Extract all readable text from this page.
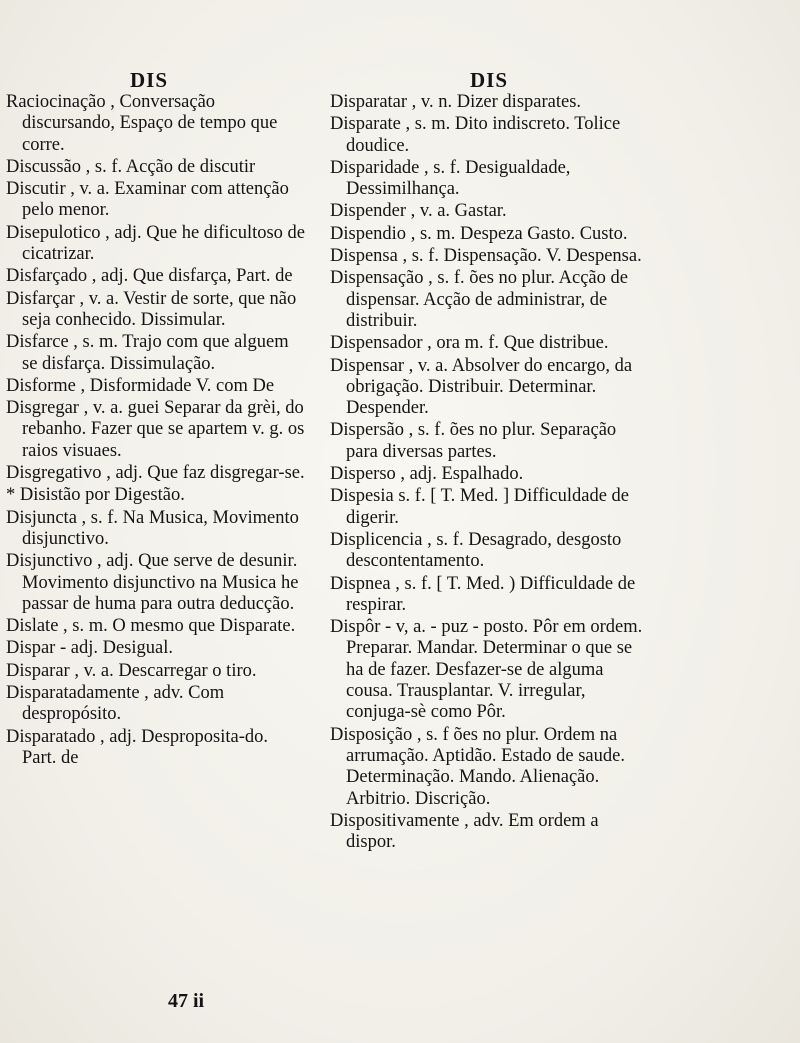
DIS	DIS
Raciocinação , Conversação discursando, Espaço de tempo que corre.
Discussão , s. f. Acção de discutir
Discutir , v. a. Examinar com attenção pelo menor.
Disepulotico , adj. Que he dificultoso de cicatrizar.
Disfarçado , adj. Que disfarça, Part. de
Disfarçar , v. a. Vestir de sorte, que não seja conhecido. Dissimular.
Disfarce , s. m. Trajo com que alguem se disfarça. Dissimulação.
Disforme , Disformidade V. com De
Disgregar , v. a. guei Separar da grèi, do rebanho. Fazer que se apartem v. g. os raios visuaes.
Disgregativo , adj. Que faz disgregar-se.
* Disistão por Digestão.
Disjuncta , s. f. Na Musica, Movimento disjunctivo.
Disjunctivo , adj. Que serve de desunir. Movimento disjunctivo na Musica he passar de huma para outra deducção.
Dislate , s. m. O mesmo que Disparate.
Dispar - adj. Desigual.
Disparar , v. a. Descarregar o tiro.
Disparatadamente , adv. Com despropósito.
Disparatado , adj. Desproposita-do. Part. de
Disparatar , v. n. Dizer disparates.
Disparate , s. m. Dito indiscreto. Tolice doudice.
Disparidade , s. f. Desigualdade, Dessimilhança.
Dispender , v. a. Gastar.
Dispendio , s. m. Despeza Gasto. Custo.
Dispensa , s. f. Dispensação. V. Despensa.
Dispensação , s. f. ões no plur. Acção de dispensar. Acção de administrar, de distribuir.
Dispensador , ora m. f. Que distribue.
Dispensar , v. a. Absolver do encargo, da obrigação. Distribuir. Determinar. Despender.
Dispersão , s. f. ões no plur. Separação para diversas partes.
Disperso , adj. Espalhado.
Dispesia s. f. [ T. Med. ] Difficuldade de digerir.
Displicencia , s. f. Desagrado, desgosto descontentamento.
Dispnea , s. f. [ T. Med. ) Difficuldade de respirar.
Dispôr - v, a. - puz - posto. Pôr em ordem. Preparar. Mandar. Determinar o que se ha de fazer. Desfazer-se de alguma cousa. Trausplantar. V. irregular, conjuga-sè como Pôr.
Disposição , s. f ões no plur. Ordem na arrumação. Aptidão. Estado de saude. Determinação. Mando. Alienação. Arbitrio. Discrição.
Dispositivamente , adv. Em ordem a dispor.
47 ii
